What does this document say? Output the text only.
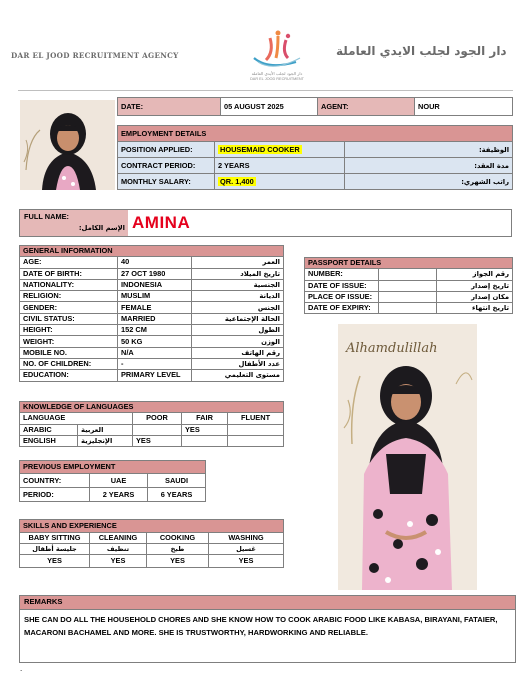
DAR EL JOOD RECRUITMENT AGENCY
دار الجود لجلب الأيدي العاملة
DAR EL JOOD RECRUITMENT
دار الجود لجلب الايدي العاملة
DATE:	05 AUGUST 2025	AGENT:	NOUR
EMPLOYMENT DETAILS		
POSITION APPLIED:	HOUSEMAID COOKER	الوظيفة:
CONTRACT PERIOD:	2 YEARS	مدة العقد:
MONTHLY SALARY:	QR. 1,400	راتب الشهري:
FULL NAME:
الإسم الكامل: AMINA
GENERAL INFORMATION		
AGE:	40	العمر
DATE OF BIRTH:	27 OCT 1980	تاريخ الميلاد
NATIONALITY:	INDONESIA	الجنسية
RELIGION:	MUSLIM	الديانة
GENDER:	FEMALE	الجنس
CIVIL STATUS:	MARRIED	الحالة الإجتماعية
HEIGHT:	152 CM	الطول
WEIGHT:	50 KG	الوزن
MOBILE NO.	N/A	رقم الهاتف
NO. OF CHILDREN:	-	عدد الأطفال
EDUCATION:	PRIMARY LEVEL	مستوى التعليمي
PASSPORT DETAILS		
NUMBER:		رقم الجواز
DATE OF ISSUE:		تاريخ إصدار
PLACE OF ISSUE:		مكان إصدار
DATE OF EXPIRY:		تاريخ انتهاء
Alhamdulillah
KNOWLEDGE OF LANGUAGES				
LANGUAGE		POOR	FAIR	FLUENT
ARABIC	العربية		YES	
ENGLISH	الإنجليزية	YES		
PREVIOUS EMPLOYMENT		
COUNTRY:	UAE	SAUDI
PERIOD:	2 YEARS	6 YEARS
SKILLS AND EXPERIENCE			
BABY SITTING	CLEANING	COOKING	WASHING
جليسة أطفال	تنظيف	طبخ	غسيل
YES	YES	YES	YES
REMARKS
SHE CAN DO ALL THE HOUSEHOLD CHORES AND SHE KNOW HOW TO COOK ARABIC FOOD LIKE KABASA, BIRAYANI, FATAIER, MACARONI BACHAMEL AND MORE. SHE IS TRUSTWORTHY, HARDWORKING AND RELIABLE.
.
